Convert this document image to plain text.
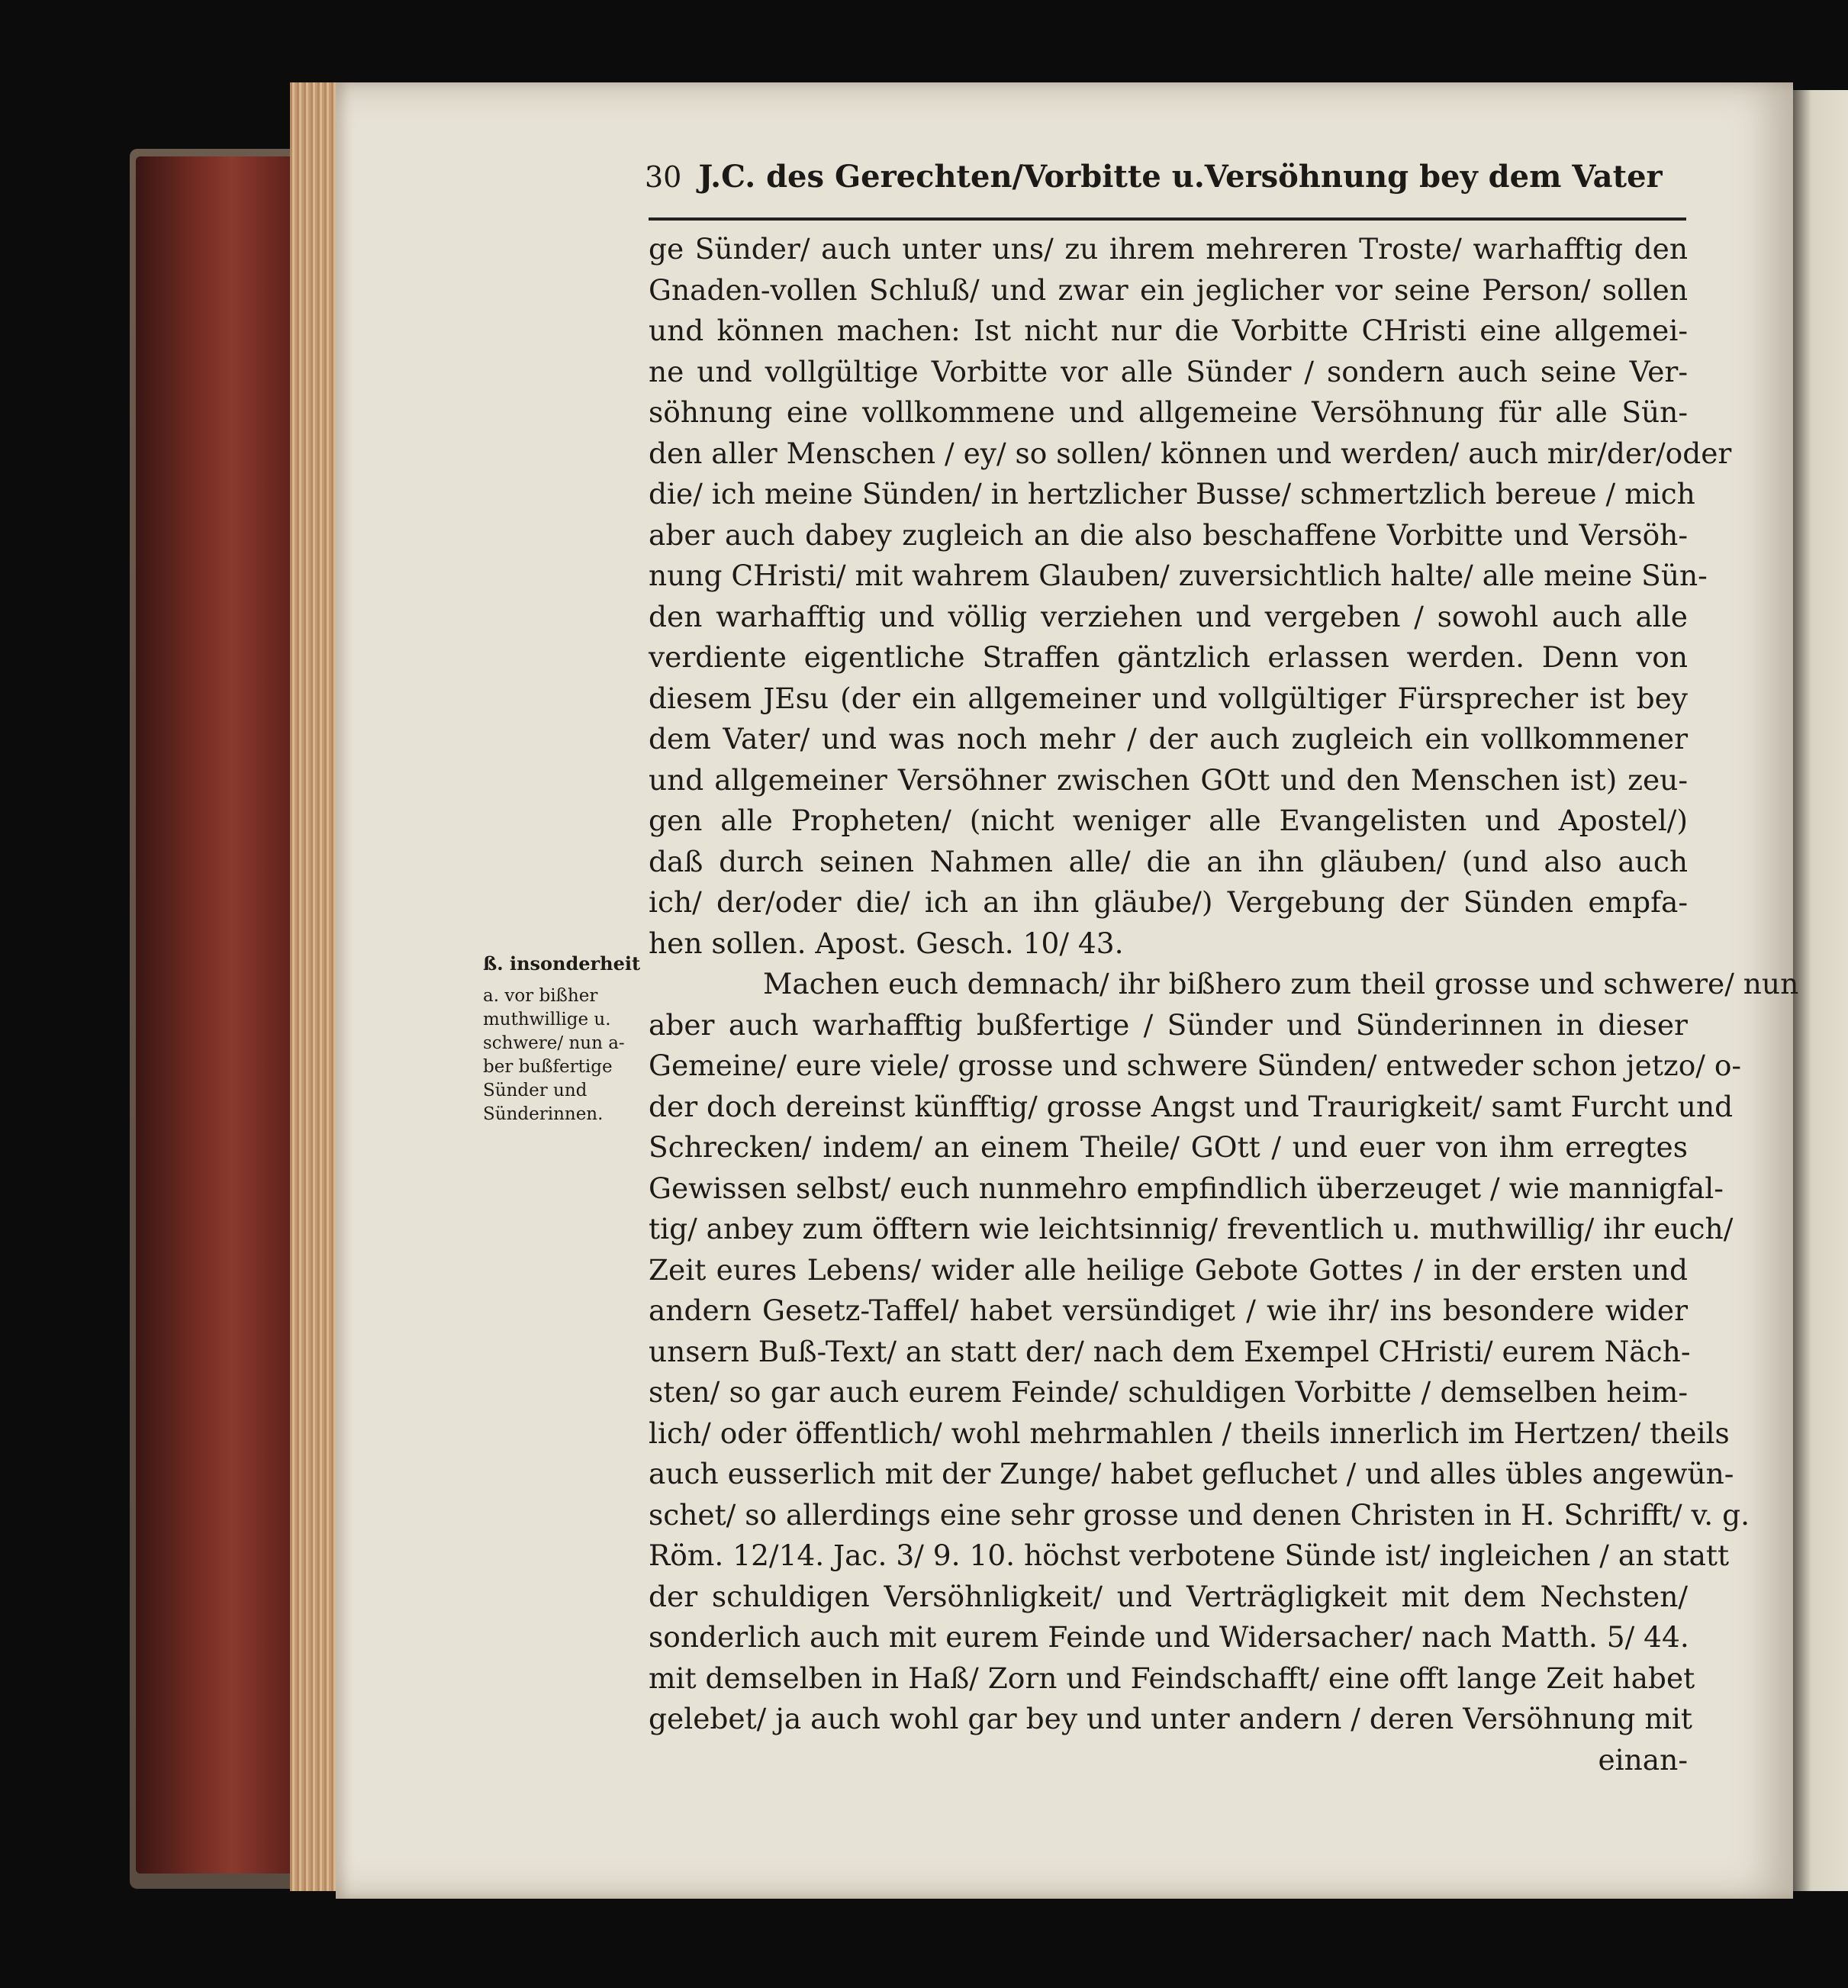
30 J.C. des Gerechten/Vorbitte u.Versöhnung bey dem Vater
ß. insonderheit
a. vor bißher
muthwillige u.
schwere/ nun a-
ber bußfertige
Sünder und
Sünderinnen.
ge Sünder/ auch unter uns/ zu ihrem mehreren Troste/ warhafftig den
Gnaden-vollen Schluß/ und zwar ein jeglicher vor seine Person/ sollen
und können machen: Ist nicht nur die Vorbitte CHristi eine allgemei-
ne und vollgültige Vorbitte vor alle Sünder / sondern auch seine Ver-
söhnung eine vollkommene und allgemeine Versöhnung für alle Sün-
den aller Menschen / ey/ so sollen/ können und werden/ auch mir/der/oder
die/ ich meine Sünden/ in hertzlicher Busse/ schmertzlich bereue / mich
aber auch dabey zugleich an die also beschaffene Vorbitte und Versöh-
nung CHristi/ mit wahrem Glauben/ zuversichtlich halte/ alle meine Sün-
den warhafftig und völlig verziehen und vergeben / sowohl auch alle
verdiente eigentliche Straffen gäntzlich erlassen werden. Denn von
diesem JEsu (der ein allgemeiner und vollgültiger Fürsprecher ist bey
dem Vater/ und was noch mehr / der auch zugleich ein vollkommener
und allgemeiner Versöhner zwischen GOtt und den Menschen ist) zeu-
gen alle Propheten/ (nicht weniger alle Evangelisten und Apostel/)
daß durch seinen Nahmen alle/ die an ihn gläuben/ (und also auch
ich/ der/oder die/ ich an ihn gläube/) Vergebung der Sünden empfa-
hen sollen. Apost. Gesch. 10/ 43.
Machen euch demnach/ ihr bißhero zum theil grosse und schwere/ nun
aber auch warhafftig bußfertige / Sünder und Sünderinnen in dieser
Gemeine/ eure viele/ grosse und schwere Sünden/ entweder schon jetzo/ o-
der doch dereinst künfftig/ grosse Angst und Traurigkeit/ samt Furcht und
Schrecken/ indem/ an einem Theile/ GOtt / und euer von ihm erregtes
Gewissen selbst/ euch nunmehro empfindlich überzeuget / wie mannigfal-
tig/ anbey zum öfftern wie leichtsinnig/ freventlich u. muthwillig/ ihr euch/
Zeit eures Lebens/ wider alle heilige Gebote Gottes / in der ersten und
andern Gesetz-Taffel/ habet versündiget / wie ihr/ ins besondere wider
unsern Buß-Text/ an statt der/ nach dem Exempel CHristi/ eurem Näch-
sten/ so gar auch eurem Feinde/ schuldigen Vorbitte / demselben heim-
lich/ oder öffentlich/ wohl mehrmahlen / theils innerlich im Hertzen/ theils
auch eusserlich mit der Zunge/ habet gefluchet / und alles übles angewün-
schet/ so allerdings eine sehr grosse und denen Christen in H. Schrifft/ v. g.
Röm. 12/14. Jac. 3/ 9. 10. höchst verbotene Sünde ist/ ingleichen / an statt
der schuldigen Versöhnligkeit/ und Verträgligkeit mit dem Nechsten/
sonderlich auch mit eurem Feinde und Widersacher/ nach Matth. 5/ 44.
mit demselben in Haß/ Zorn und Feindschafft/ eine offt lange Zeit habet
gelebet/ ja auch wohl gar bey und unter andern / deren Versöhnung mit
einan-
